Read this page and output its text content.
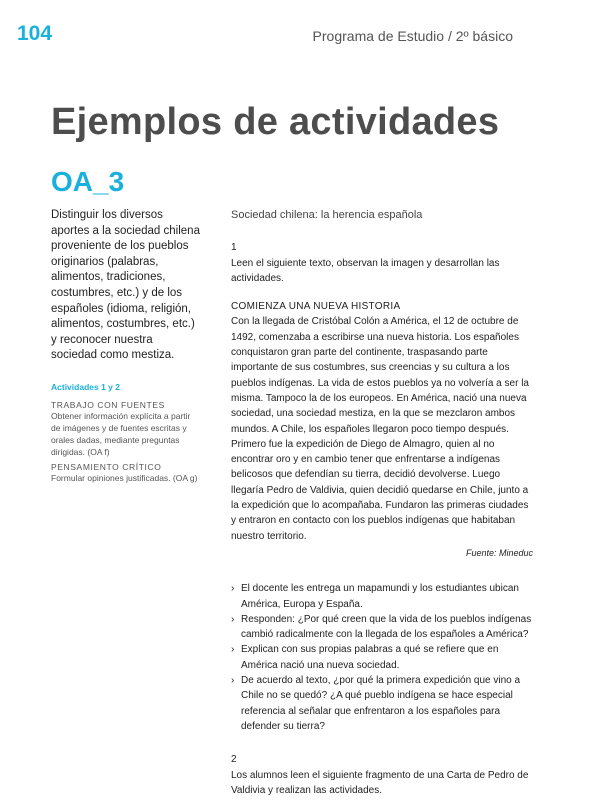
104	Programa de Estudio / 2º básico
Ejemplos de actividades
OA_3
Distinguir los diversos aportes a la sociedad chilena proveniente de los pueblos originarios (palabras, alimentos, tradiciones, costumbres, etc.) y de los españoles (idioma, religión, alimentos, costumbres, etc.) y reconocer nuestra sociedad como mestiza.
Actividades 1 y 2
TRABAJO CON FUENTES
Obtener información explícita a partir de imágenes y de fuentes escritas y orales dadas, mediante preguntas dirigidas. (OA f)
PENSAMIENTO CRÍTICO
Formular opiniones justificadas. (OA g)
Sociedad chilena: la herencia española
1
Leen el siguiente texto, observan la imagen y desarrollan las actividades.
COMIENZA UNA NUEVA HISTORIA
Con la llegada de Cristóbal Colón a América, el 12 de octubre de 1492, comenzaba a escribirse una nueva historia. Los españoles conquistaron gran parte del continente, traspasando parte importante de sus costumbres, sus creencias y su cultura a los pueblos indígenas. La vida de estos pueblos ya no volvería a ser la misma. Tampoco la de los europeos. En América, nació una nueva sociedad, una sociedad mestiza, en la que se mezclaron ambos mundos. A Chile, los españoles llegaron poco tiempo después. Primero fue la expedición de Diego de Almagro, quien al no encontrar oro y en cambio tener que enfrentarse a indígenas belicosos que defendían su tierra, decidió devolverse. Luego llegaría Pedro de Valdivia, quien decidió quedarse en Chile, junto a la expedición que lo acompañaba. Fundaron las primeras ciudades y entraron en contacto con los pueblos indígenas que habitaban nuestro territorio.
Fuente: Mineduc
› El docente les entrega un mapamundi y los estudiantes ubican América, Europa y España.
› Responden: ¿Por qué creen que la vida de los pueblos indígenas cambió radicalmente con la llegada de los españoles a América?
› Explican con sus propias palabras a qué se refiere que en América nació una nueva sociedad.
› De acuerdo al texto, ¿por qué la primera expedición que vino a Chile no se quedó? ¿A qué pueblo indígena se hace especial referencia al señalar que enfrentaron a los españoles para defender su tierra?
2
Los alumnos leen el siguiente fragmento de una Carta de Pedro de Valdivia y realizan las actividades.
